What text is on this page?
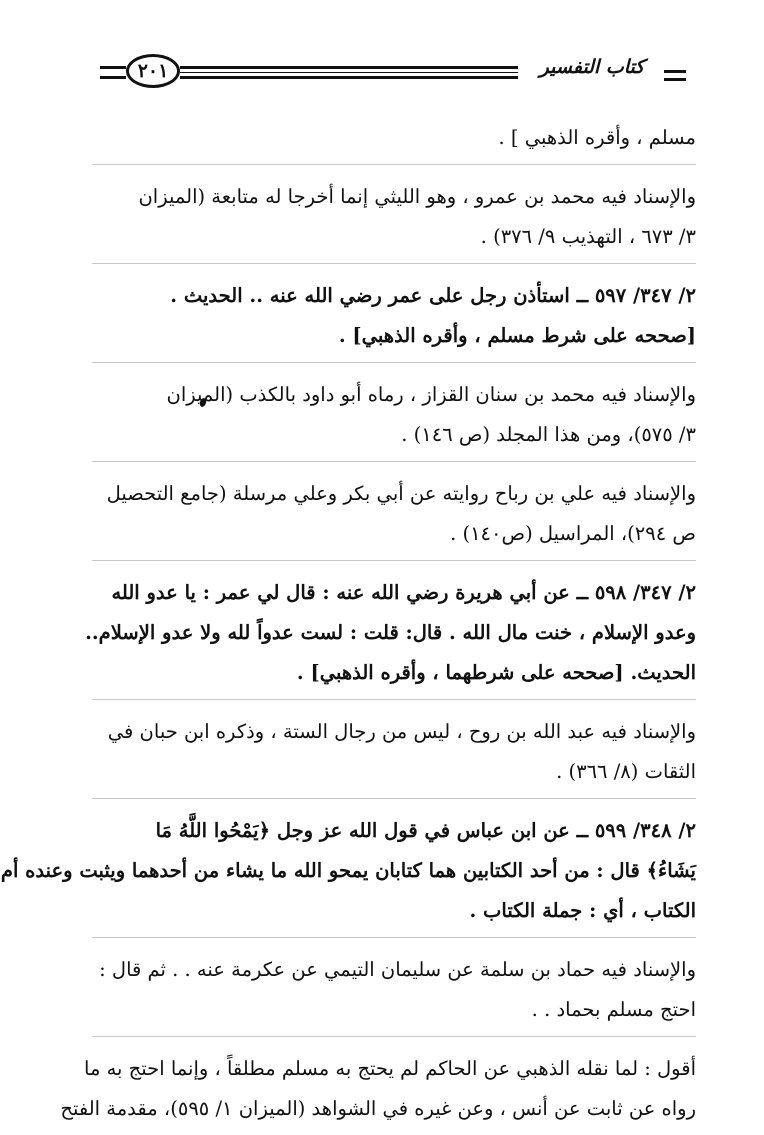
٢٠١	كتاب التفسير
مسلم ، وأقره الذهبي ] .
والإسناد فيه محمد بن عمرو ، وهو الليثي إنما أخرجا له متابعة (الميزان
٣/ ٦٧٣ ، التهذيب ٩/ ٣٧٦) .
٢/ ٣٤٧/ ٥٩٧ ــ استأذن رجل على عمر رضي الله عنه .. الحديث .
[صححه على شرط مسلم ، وأقره الذهبي] .
والإسناد فيه محمد بن سنان القزاز ، رماه أبو داود بالكذب (الميزان
٣/ ٥٧٥)، ومن هذا المجلد (ص ١٤٦) .
والإسناد فيه علي بن رباح روايته عن أبي بكر وعلي مرسلة (جامع التحصيل
ص ٢٩٤)، المراسيل (ص١٤٠) .
٢/ ٣٤٧/ ٥٩٨ ــ عن أبي هريرة رضي الله عنه : قال لي عمر : يا عدو الله
وعدو الإسلام ، خنت مال الله . قال: قلت : لست عدواً لله ولا عدو الإسلام..
الحديث. [صححه على شرطهما ، وأقره الذهبي] .
والإسناد فيه عبد الله بن روح ، ليس من رجال الستة ، وذكره ابن حبان في
الثقات (٨/ ٣٦٦) .
٢/ ٣٤٨/ ٥٩٩ ــ عن ابن عباس في قول الله عز وجل ﴿يَمْحُوا اللَّهُ مَا
يَشَاءُ﴾ قال : من أحد الكتابين هما كتابان يمحو الله ما يشاء من أحدهما ويثبت وعنده أم
الكتاب ، أي : جملة الكتاب .
والإسناد فيه حماد بن سلمة عن سليمان التيمي عن عكرمة عنه . . ثم قال :
احتج مسلم بحماد . .
أقول : لما نقله الذهبي عن الحاكم لم يحتج به مسلم مطلقاً ، وإنما احتج به ما
رواه عن ثابت عن أنس ، وعن غيره في الشواهد (الميزان ١/ ٥٩٥)، مقدمة الفتح
